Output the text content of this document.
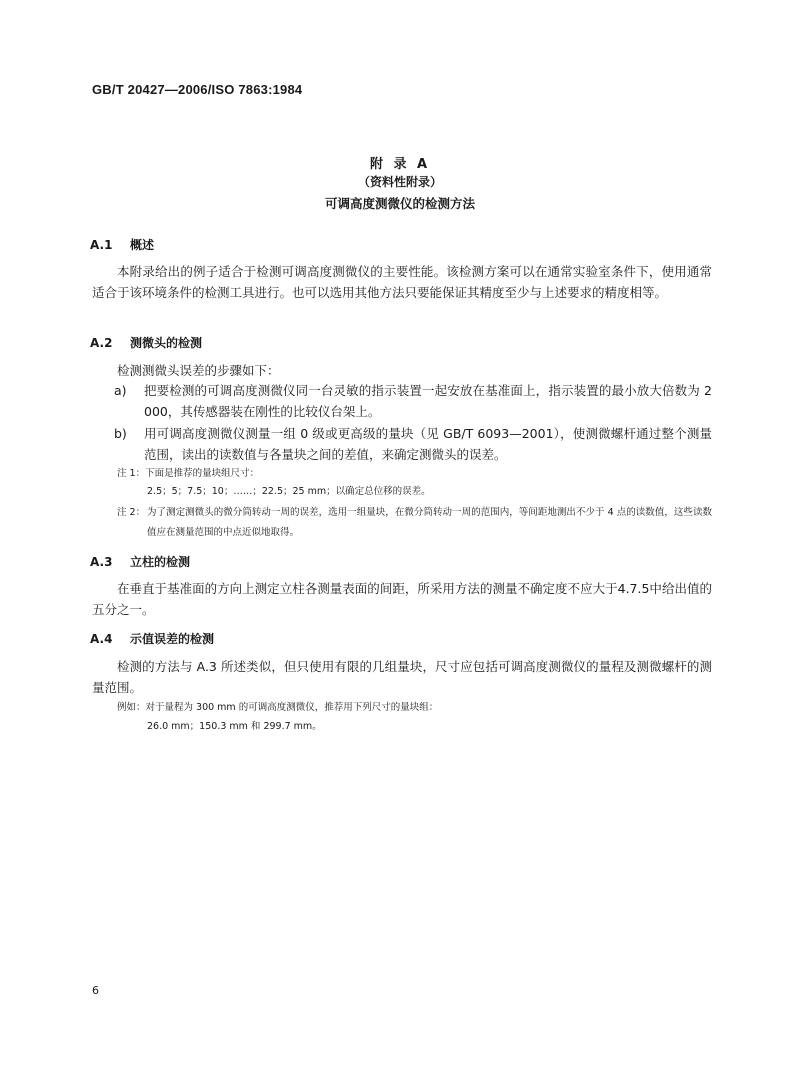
GB/T 20427—2006/ISO 7863:1984
附 录 A
（资料性附录）
可调高度测微仪的检测方法
A.1 概述
本附录给出的例子适合于检测可调高度测微仪的主要性能。该检测方案可以在通常实验室条件下，使用通常适合于该环境条件的检测工具进行。也可以选用其他方法只要能保证其精度至少与上述要求的精度相等。
A.2 测微头的检测
检测测微头误差的步骤如下：
a) 把要检测的可调高度测微仪同一台灵敏的指示装置一起安放在基准面上，指示装置的最小放大倍数为 2 000，其传感器装在刚性的比较仪台架上。
b) 用可调高度测微仪测量一组 0 级或更高级的量块（见 GB/T 6093—2001），使测微螺杆通过整个测量范围，读出的读数值与各量块之间的差值，来确定测微头的误差。
注 1：下面是推荐的量块组尺寸：
2.5；5；7.5；10；……；22.5；25 mm；以确定总位移的误差。
注 2： 为了测定测微头的微分筒转动一周的误差，选用一组量块，在微分筒转动一周的范围内，等间距地测出不少于 4 点的读数值，这些读数值应在测量范围的中点近似地取得。
A.3 立柱的检测
在垂直于基准面的方向上测定立柱各测量表面的间距，所采用方法的测量不确定度不应大于4.7.5中给出值的五分之一。
A.4 示值误差的检测
检测的方法与 A.3 所述类似，但只使用有限的几组量块，尺寸应包括可调高度测微仪的量程及测微螺杆的测量范围。
例如：对于量程为 300 mm 的可调高度测微仪，推荐用下列尺寸的量块组：
26.0 mm；150.3 mm 和 299.7 mm。
6
